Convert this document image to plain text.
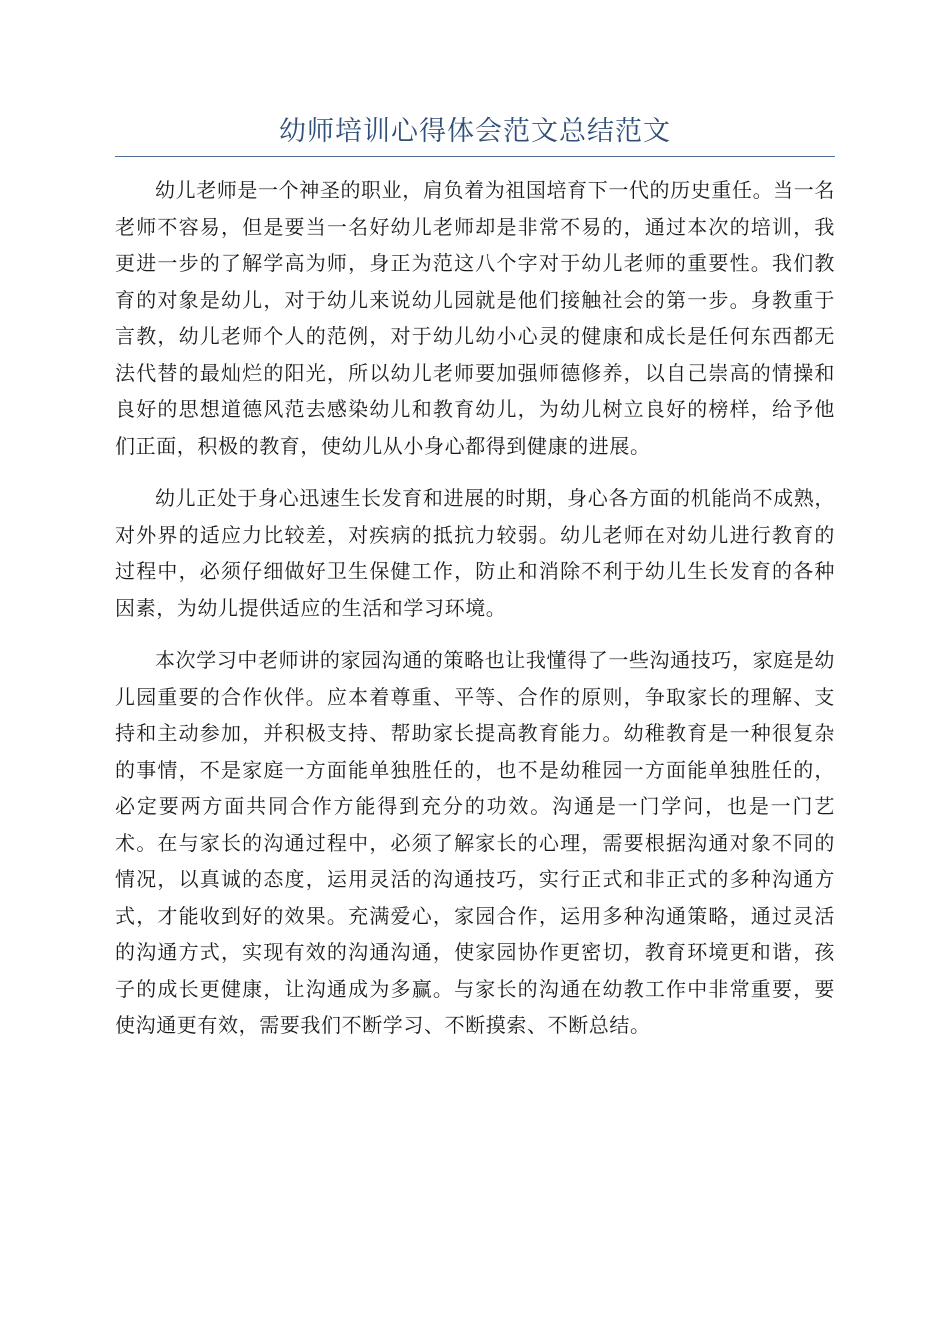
幼师培训心得体会范文总结范文

幼儿老师是一个神圣的职业，肩负着为祖国培育下一代的历史重任。当一名老师不容易，但是要当一名好幼儿老师却是非常不易的，通过本次的培训，我更进一步的了解学高为师，身正为范这八个字对于幼儿老师的重要性。我们教育的对象是幼儿，对于幼儿来说幼儿园就是他们接触社会的第一步。身教重于言教，幼儿老师个人的范例，对于幼儿幼小心灵的健康和成长是任何东西都无法代替的最灿烂的阳光，所以幼儿老师要加强师德修养，以自己崇高的情操和良好的思想道德风范去感染幼儿和教育幼儿，为幼儿树立良好的榜样，给予他们正面，积极的教育，使幼儿从小身心都得到健康的进展。

幼儿正处于身心迅速生长发育和进展的时期，身心各方面的机能尚不成熟，对外界的适应力比较差，对疾病的抵抗力较弱。幼儿老师在对幼儿进行教育的过程中，必须仔细做好卫生保健工作，防止和消除不利于幼儿生长发育的各种因素，为幼儿提供适应的生活和学习环境。

本次学习中老师讲的家园沟通的策略也让我懂得了一些沟通技巧，家庭是幼儿园重要的合作伙伴。应本着尊重、平等、合作的原则，争取家长的理解、支持和主动参加，并积极支持、帮助家长提高教育能力。幼稚教育是一种很复杂的事情，不是家庭一方面能单独胜任的，也不是幼稚园一方面能单独胜任的，必定要两方面共同合作方能得到充分的功效。沟通是一门学问，也是一门艺术。在与家长的沟通过程中，必须了解家长的心理，需要根据沟通对象不同的情况，以真诚的态度，运用灵活的沟通技巧，实行正式和非正式的多种沟通方式，才能收到好的效果。充满爱心，家园合作，运用多种沟通策略，通过灵活的沟通方式，实现有效的沟通沟通，使家园协作更密切，教育环境更和谐，孩子的成长更健康，让沟通成为多赢。与家长的沟通在幼教工作中非常重要，要使沟通更有效，需要我们不断学习、不断摸索、不断总结。
